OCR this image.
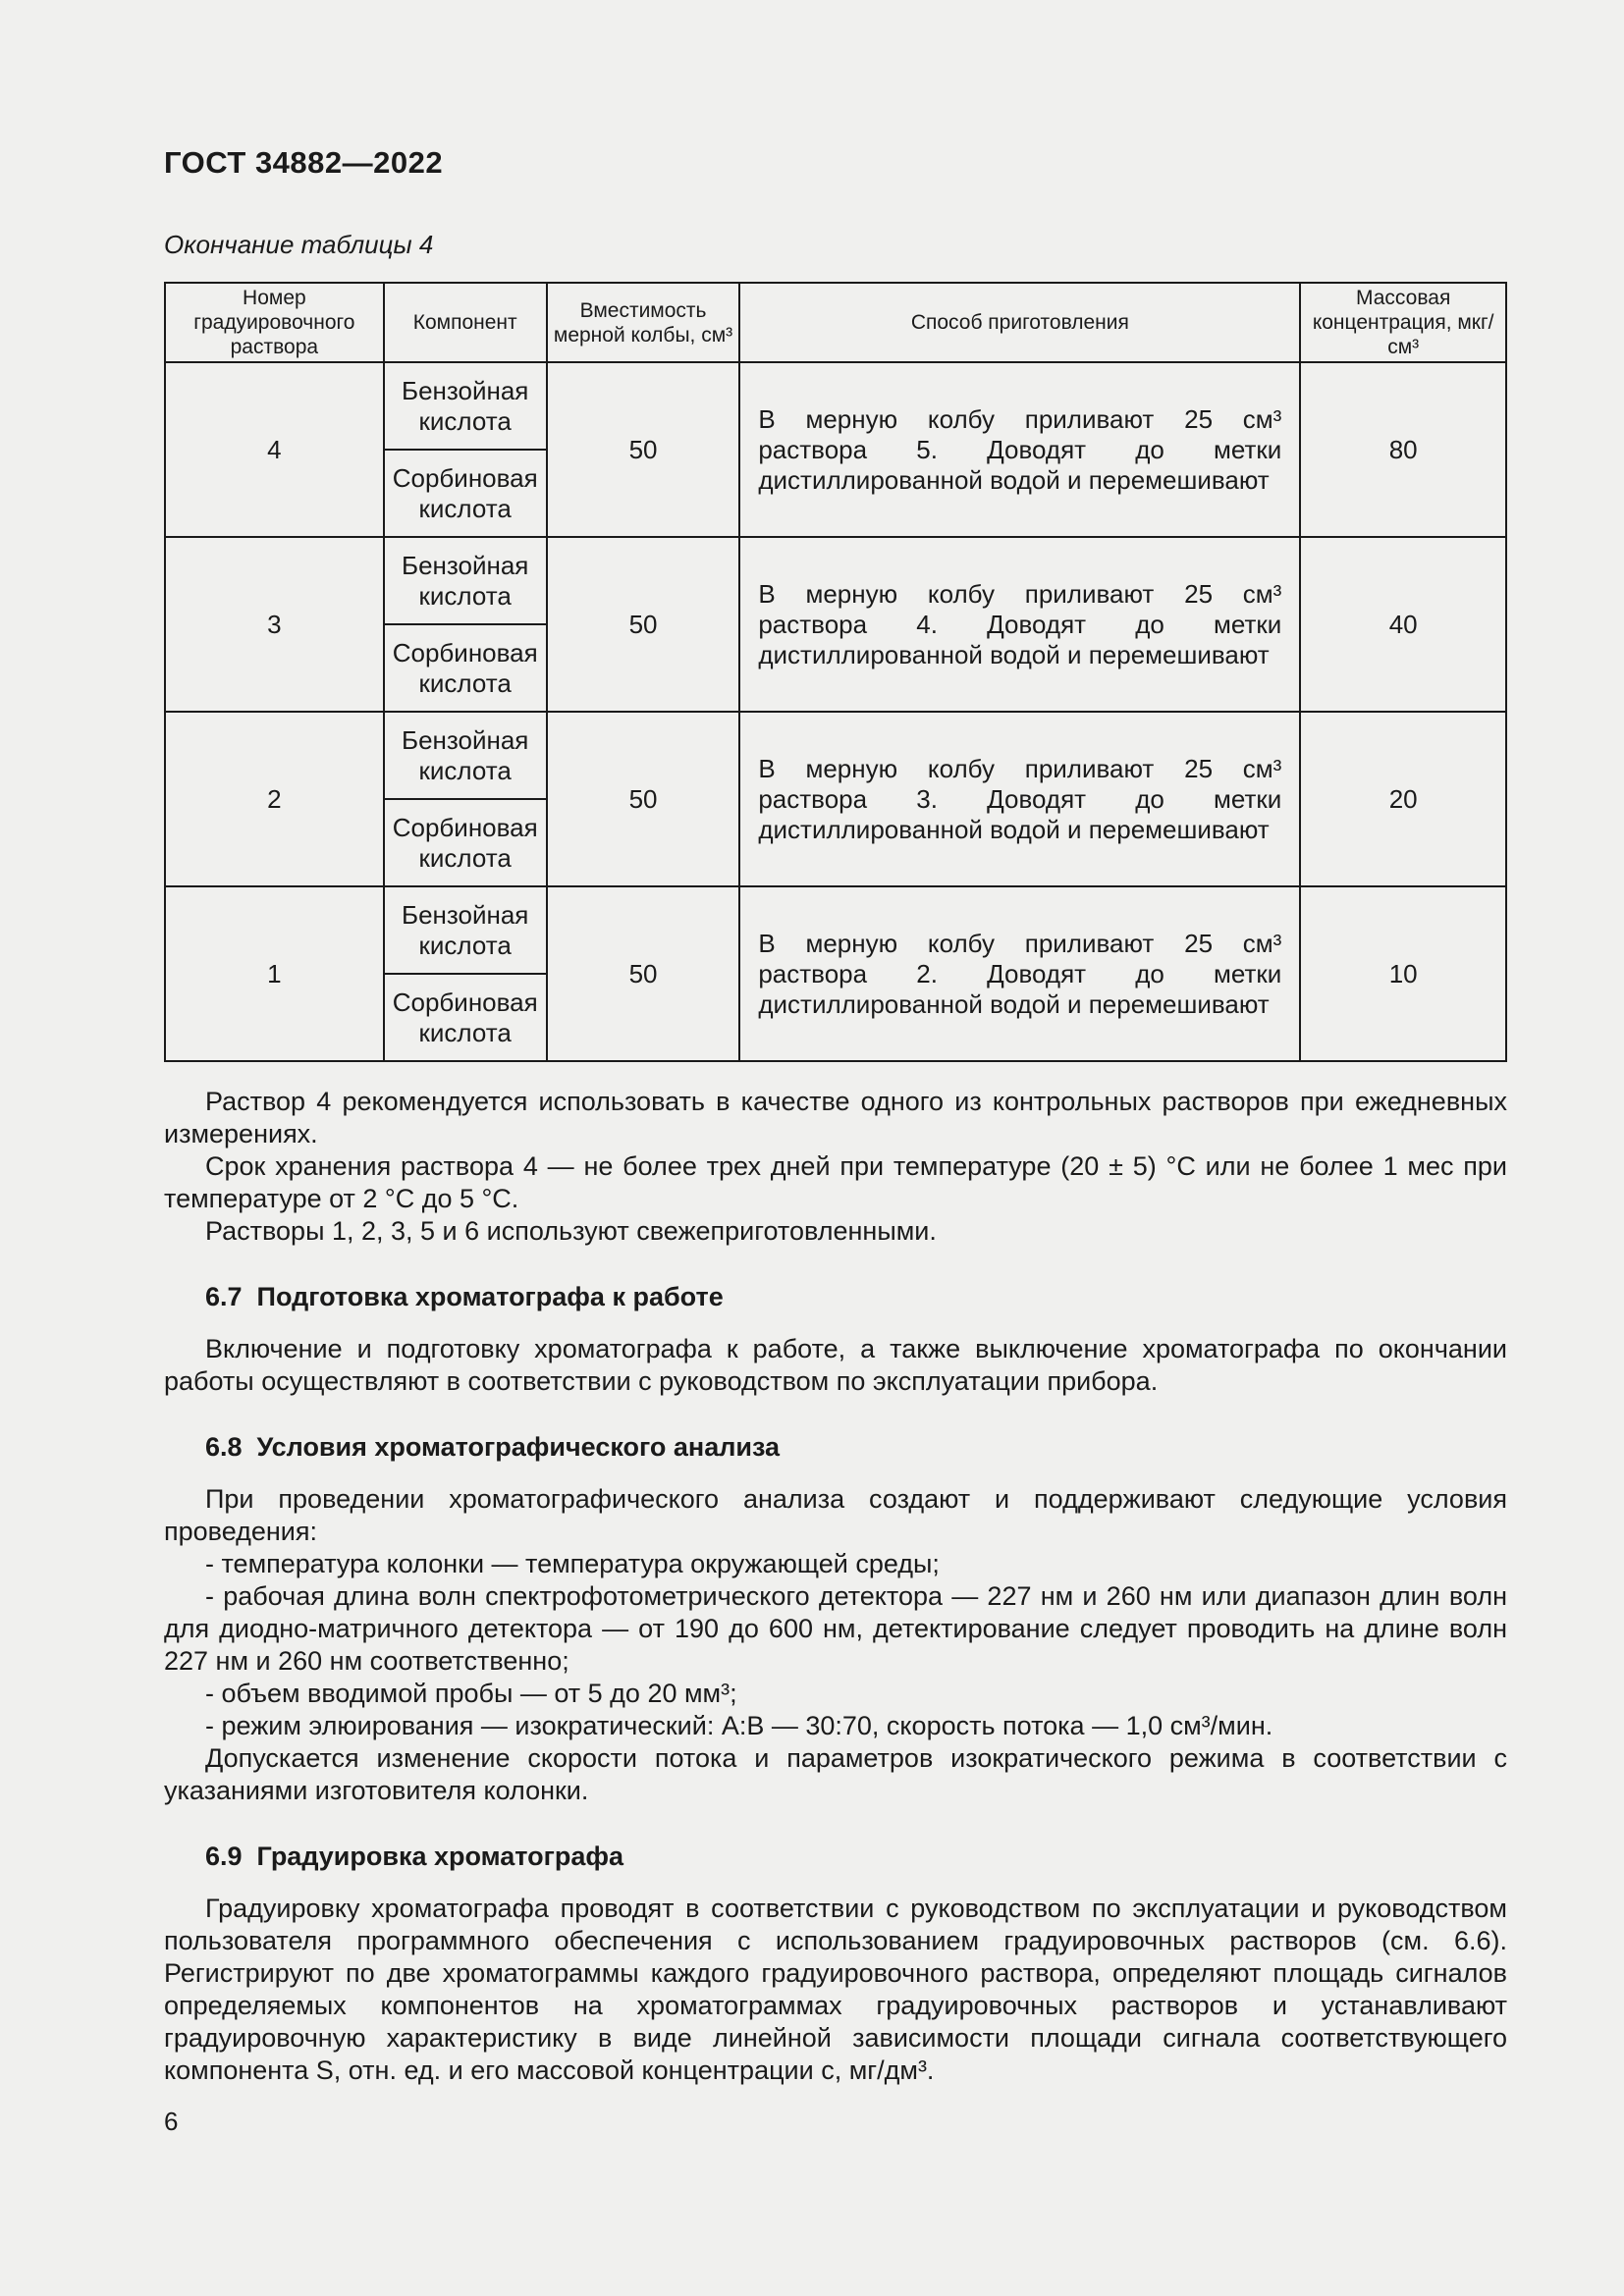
ГОСТ 34882—2022
Окончание таблицы 4
Номер градуировочного раствора	Компонент	Вместимость мерной колбы, см³	Способ приготовления	Массовая концентрация, мкг/см³
4	Бензойная кислота	50	В мерную колбу приливают 25 см³ раствора 5. Доводят до метки дистиллированной водой и перемешивают	80
	Сорбиновая кислота			
3	Бензойная кислота	50	В мерную колбу приливают 25 см³ раствора 4. Доводят до метки дистиллированной водой и перемешивают	40
	Сорбиновая кислота			
2	Бензойная кислота	50	В мерную колбу приливают 25 см³ раствора 3. Доводят до метки дистиллированной водой и перемешивают	20
	Сорбиновая кислота			
1	Бензойная кислота	50	В мерную колбу приливают 25 см³ раствора 2. Доводят до метки дистиллированной водой и перемешивают	10
	Сорбиновая кислота			

Раствор 4 рекомендуется использовать в качестве одного из контрольных растворов при ежедневных измерениях.

Срок хранения раствора 4 — не более трех дней при температуре (20 ± 5) °С или не более 1 мес при температуре от 2 °С до 5 °С.

Растворы 1, 2, 3, 5 и 6 используют свежеприготовленными.

6.7  Подготовка хроматографа к работе

Включение и подготовку хроматографа к работе, а также выключение хроматографа по окончании работы осуществляют в соответствии с руководством по эксплуатации прибора.

6.8  Условия хроматографического анализа

При проведении хроматографического анализа создают и поддерживают следующие условия проведения:

- температура колонки — температура окружающей среды;

- рабочая длина волн спектрофотометрического детектора — 227 нм и 260 нм или диапазон длин волн для диодно-матричного детектора — от 190 до 600 нм, детектирование следует проводить на длине волн 227 нм и 260 нм соответственно;

- объем вводимой пробы — от 5 до 20 мм³;

- режим элюирования — изократический: А:В — 30:70, скорость потока — 1,0 см³/мин.

Допускается изменение скорости потока и параметров изократического режима в соответствии с указаниями изготовителя колонки.

6.9  Градуировка хроматографа

Градуировку хроматографа проводят в соответствии с руководством по эксплуатации и руководством пользователя программного обеспечения с использованием градуировочных растворов (см. 6.6). Регистрируют по две хроматограммы каждого градуировочного раствора, определяют площадь сигналов определяемых компонентов на хроматограммах градуировочных растворов и устанавливают градуировочную характеристику в виде линейной зависимости площади сигнала соответствующего компонента S, отн. ед. и его массовой концентрации c, мг/дм³.

6
